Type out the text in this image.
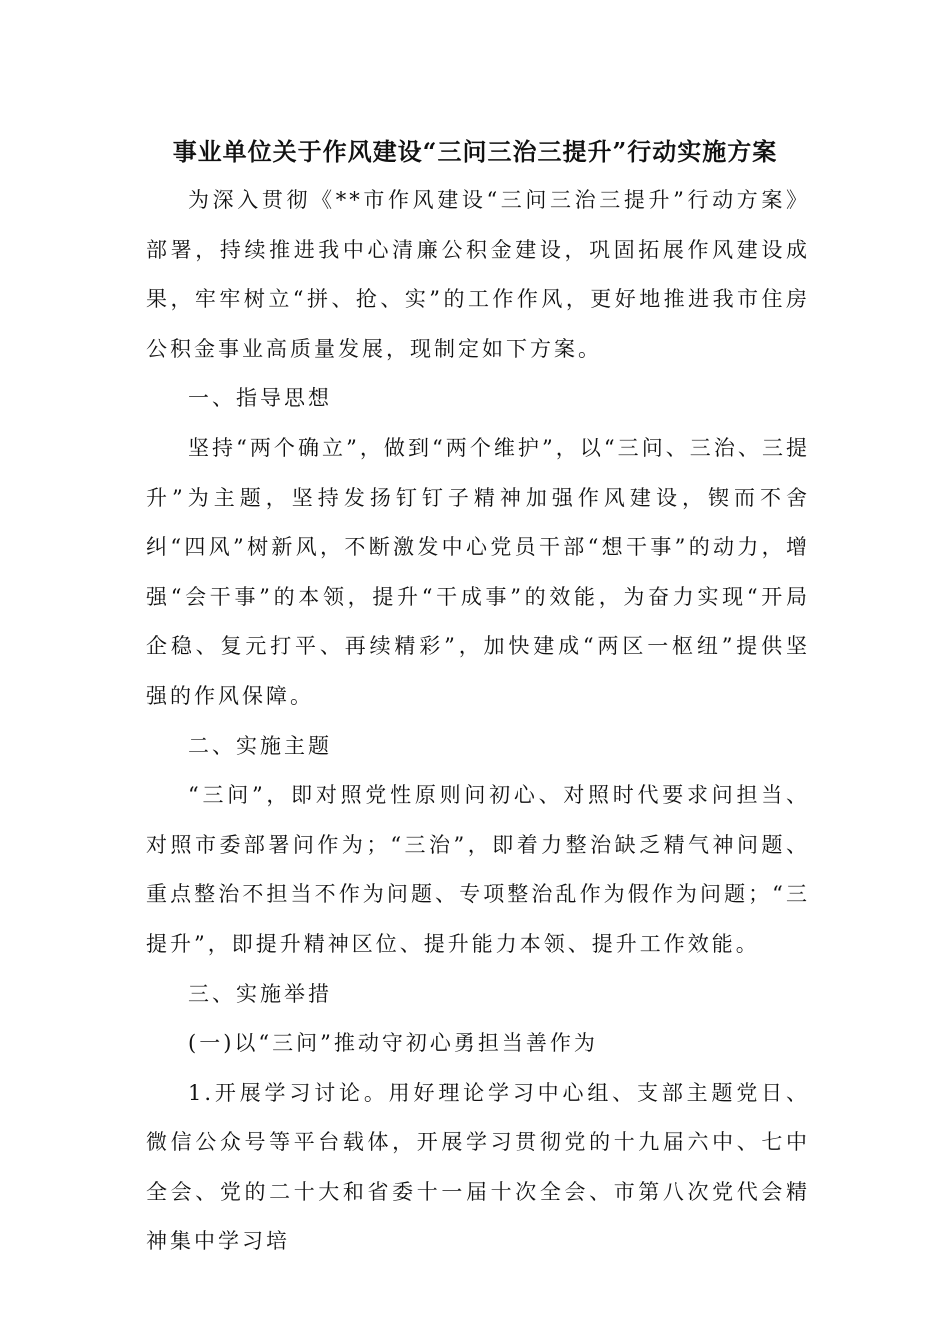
事业单位关于作风建设“三问三治三提升”行动实施方案

为深入贯彻《**市作风建设“三问三治三提升”行动方案》部署，持续推进我中心清廉公积金建设，巩固拓展作风建设成果，牢牢树立“拼、抢、实”的工作作风，更好地推进我市住房公积金事业高质量发展，现制定如下方案。

一、指导思想

坚持“两个确立”，做到“两个维护”，以“三问、三治、三提升”为主题，坚持发扬钉钉子精神加强作风建设，锲而不舍纠“四风”树新风，不断激发中心党员干部“想干事”的动力，增强“会干事”的本领，提升“干成事”的效能，为奋力实现“开局企稳、复元打平、再续精彩”，加快建成“两区一枢纽”提供坚强的作风保障。

二、实施主题

“三问”，即对照党性原则问初心、对照时代要求问担当、对照市委部署问作为；“三治”，即着力整治缺乏精气神问题、重点整治不担当不作为问题、专项整治乱作为假作为问题；“三提升”，即提升精神区位、提升能力本领、提升工作效能。

三、实施举措

(一)以“三问”推动守初心勇担当善作为

1.开展学习讨论。用好理论学习中心组、支部主题党日、微信公众号等平台载体，开展学习贯彻党的十九届六中、七中全会、党的二十大和省委十一届十次全会、市第八次党代会精神集中学习培
